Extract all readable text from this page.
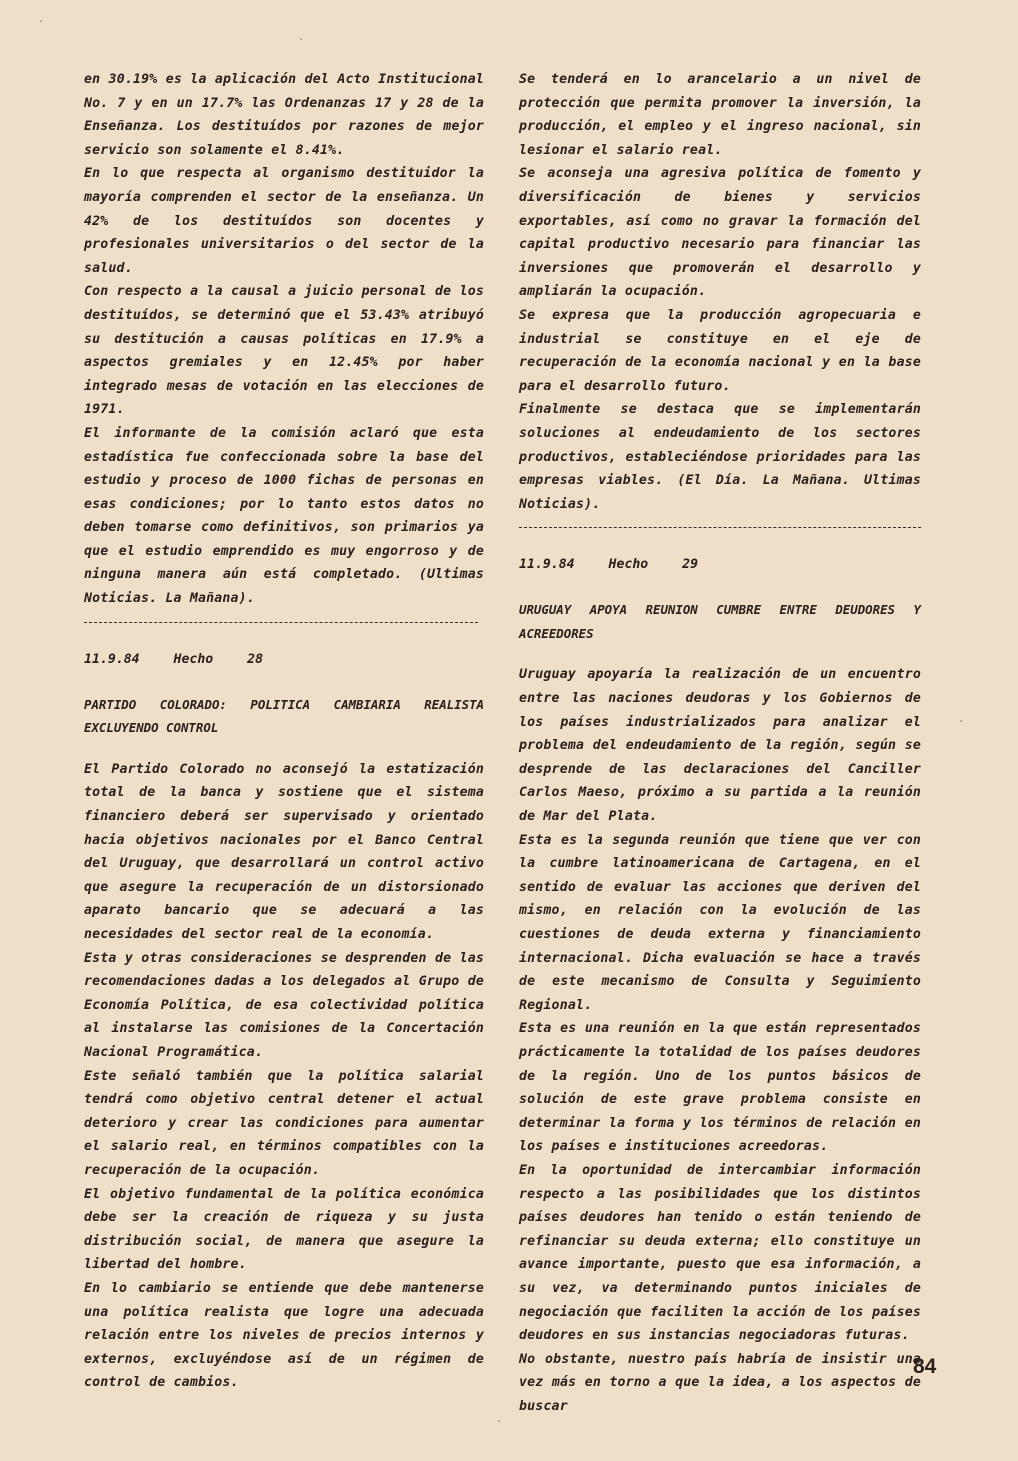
en 30.19% es la aplicación del Acto Institucional No. 7 y en un 17.7% las Ordenanzas 17 y 28 de la Enseñanza. Los destituídos por razones de mejor servicio son solamente el 8.41%.
En lo que respecta al organismo destituidor la mayoría comprenden el sector de la enseñanza. Un 42% de los destituídos son docentes y profesionales universitarios o del sector de la salud.
Con respecto a la causal a juicio personal de los destituídos, se determinó que el 53.43% atribuyó su destitución a causas políticas en 17.9% a aspectos gremiales y en 12.45% por haber integrado mesas de votación en las elecciones de 1971.
El informante de la comisión aclaró que esta estadística fue confeccionada sobre la base del estudio y proceso de 1000 fichas de personas en esas condiciones; por lo tanto estos datos no deben tomarse como definitivos, son primarios ya que el estudio emprendido es muy engorroso y de ninguna manera aún está completado. (Ultimas Noticias. La Mañana).
11.9.84 Hecho 28
PARTIDO COLORADO: POLITICA CAMBIARIA REALISTA EXCLUYENDO CONTROL
El Partido Colorado no aconsejó la estatización total de la banca y sostiene que el sistema financiero deberá ser supervisado y orientado hacia objetivos nacionales por el Banco Central del Uruguay, que desarrollará un control activo que asegure la recuperación de un distorsionado aparato bancario que se adecuará a las necesidades del sector real de la economía.
Esta y otras consideraciones se desprenden de las recomendaciones dadas a los delegados al Grupo de Economía Política, de esa colectividad política al instalarse las comisiones de la Concertación Nacional Programática.
Este señaló también que la política salarial tendrá como objetivo central detener el actual deterioro y crear las condiciones para aumentar el salario real, en términos compatibles con la recuperación de la ocupación.
El objetivo fundamental de la política económica debe ser la creación de riqueza y su justa distribución social, de manera que asegure la libertad del hombre.
En lo cambiario se entiende que debe mantenerse una política realista que logre una adecuada relación entre los niveles de precios internos y externos, excluyéndose así de un régimen de control de cambios.
Se tenderá en lo arancelario a un nivel de protección que permita promover la inversión, la producción, el empleo y el ingreso nacional, sin lesionar el salario real.
Se aconseja una agresiva política de fomento y diversificación de bienes y servicios exportables, así como no gravar la formación del capital productivo necesario para financiar las inversiones que promoverán el desarrollo y ampliarán la ocupación.
Se expresa que la producción agropecuaria e industrial se constituye en el eje de recuperación de la economía nacional y en la base para el desarrollo futuro.
Finalmente se destaca que se implementarán soluciones al endeudamiento de los sectores productivos, estableciéndose prioridades para las empresas viables. (El Día. La Mañana. Ultimas Noticias).
11.9.84 Hecho 29
URUGUAY APOYA REUNION CUMBRE ENTRE DEUDORES Y ACREEDORES
Uruguay apoyaría la realización de un encuentro entre las naciones deudoras y los Gobiernos de los países industrializados para analizar el problema del endeudamiento de la región, según se desprende de las declaraciones del Canciller Carlos Maeso, próximo a su partida a la reunión de Mar del Plata.
Esta es la segunda reunión que tiene que ver con la cumbre latinoamericana de Cartagena, en el sentido de evaluar las acciones que deriven del mismo, en relación con la evolución de las cuestiones de deuda externa y financiamiento internacional. Dicha evaluación se hace a través de este mecanismo de Consulta y Seguimiento Regional.
Esta es una reunión en la que están representados prácticamente la totalidad de los países deudores de la región. Uno de los puntos básicos de solución de este grave problema consiste en determinar la forma y los términos de relación en los países e instituciones acreedoras.
En la oportunidad de intercambiar información respecto a las posibilidades que los distintos países deudores han tenido o están teniendo de refinanciar su deuda externa; ello constituye un avance importante, puesto que esa información, a su vez, va determinando puntos iniciales de negociación que faciliten la acción de los países deudores en sus instancias negociadoras futuras.
No obstante, nuestro país habría de insistir una vez más en torno a que la idea, a los aspectos de buscar
84
